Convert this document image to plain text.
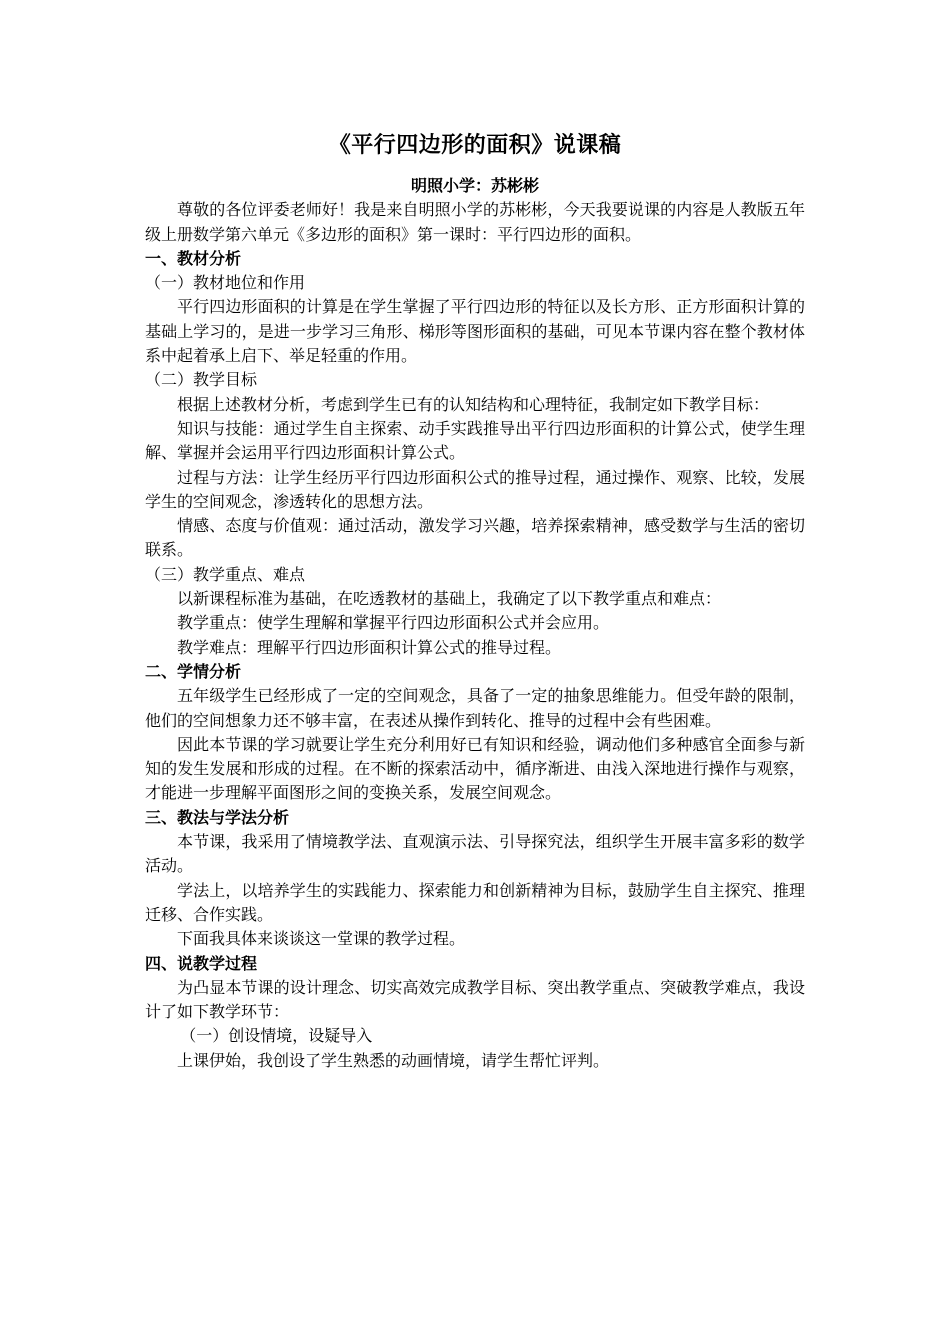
《平行四边形的面积》说课稿

明照小学：苏彬彬

尊敬的各位评委老师好！我是来自明照小学的苏彬彬，今天我要说课的内容是人教版五年级上册数学第六单元《多边形的面积》第一课时：平行四边形的面积。

一、教材分析

（一）教材地位和作用

平行四边形面积的计算是在学生掌握了平行四边形的特征以及长方形、正方形面积计算的基础上学习的，是进一步学习三角形、梯形等图形面积的基础，可见本节课内容在整个教材体系中起着承上启下、举足轻重的作用。

（二）教学目标

根据上述教材分析，考虑到学生已有的认知结构和心理特征，我制定如下教学目标：

知识与技能：通过学生自主探索、动手实践推导出平行四边形面积的计算公式，使学生理解、掌握并会运用平行四边形面积计算公式。

过程与方法：让学生经历平行四边形面积公式的推导过程，通过操作、观察、比较，发展学生的空间观念，渗透转化的思想方法。

情感、态度与价值观：通过活动，激发学习兴趣，培养探索精神，感受数学与生活的密切联系。

（三）教学重点、难点

以新课程标准为基础，在吃透教材的基础上，我确定了以下教学重点和难点：

教学重点：使学生理解和掌握平行四边形面积公式并会应用。

教学难点：理解平行四边形面积计算公式的推导过程。

二、学情分析

五年级学生已经形成了一定的空间观念，具备了一定的抽象思维能力。但受年龄的限制，他们的空间想象力还不够丰富，在表述从操作到转化、推导的过程中会有些困难。

因此本节课的学习就要让学生充分利用好已有知识和经验，调动他们多种感官全面参与新知的发生发展和形成的过程。在不断的探索活动中，循序渐进、由浅入深地进行操作与观察，才能进一步理解平面图形之间的变换关系，发展空间观念。

三、教法与学法分析

本节课，我采用了情境教学法、直观演示法、引导探究法，组织学生开展丰富多彩的数学活动。

学法上，以培养学生的实践能力、探索能力和创新精神为目标，鼓励学生自主探究、推理迁移、合作实践。

下面我具体来谈谈这一堂课的教学过程。

四、说教学过程

为凸显本节课的设计理念、切实高效完成教学目标、突出教学重点、突破教学难点，我设计了如下教学环节：

（一）创设情境，设疑导入

上课伊始，我创设了学生熟悉的动画情境，请学生帮忙评判。
